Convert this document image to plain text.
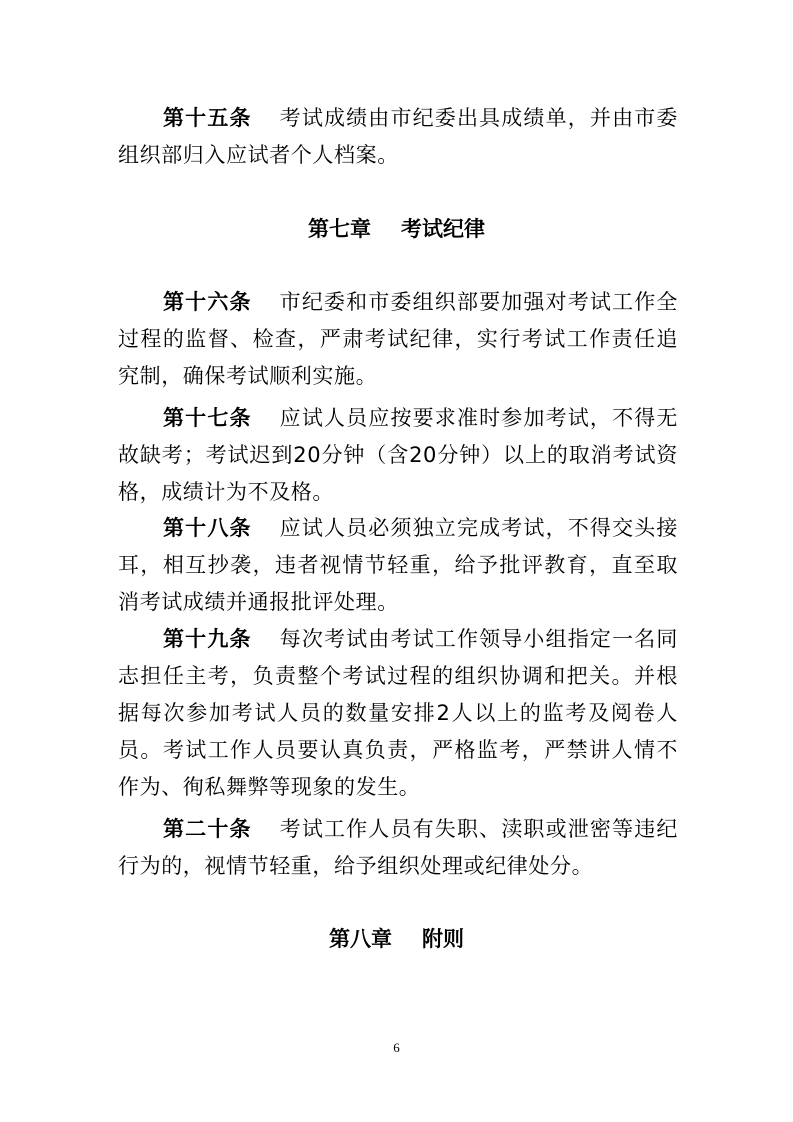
第十五条 考试成绩由市纪委出具成绩单，并由市委组织部归入应试者个人档案。

第七章 考试纪律

第十六条 市纪委和市委组织部要加强对考试工作全过程的监督、检查，严肃考试纪律，实行考试工作责任追究制，确保考试顺利实施。

第十七条 应试人员应按要求准时参加考试，不得无故缺考；考试迟到20分钟（含20分钟）以上的取消考试资格，成绩计为不及格。

第十八条 应试人员必须独立完成考试，不得交头接耳，相互抄袭，违者视情节轻重，给予批评教育，直至取消考试成绩并通报批评处理。

第十九条 每次考试由考试工作领导小组指定一名同志担任主考，负责整个考试过程的组织协调和把关。并根据每次参加考试人员的数量安排2人以上的监考及阅卷人员。考试工作人员要认真负责，严格监考，严禁讲人情不作为、徇私舞弊等现象的发生。

第二十条 考试工作人员有失职、渎职或泄密等违纪行为的，视情节轻重，给予组织处理或纪律处分。

第八章 附则
6
